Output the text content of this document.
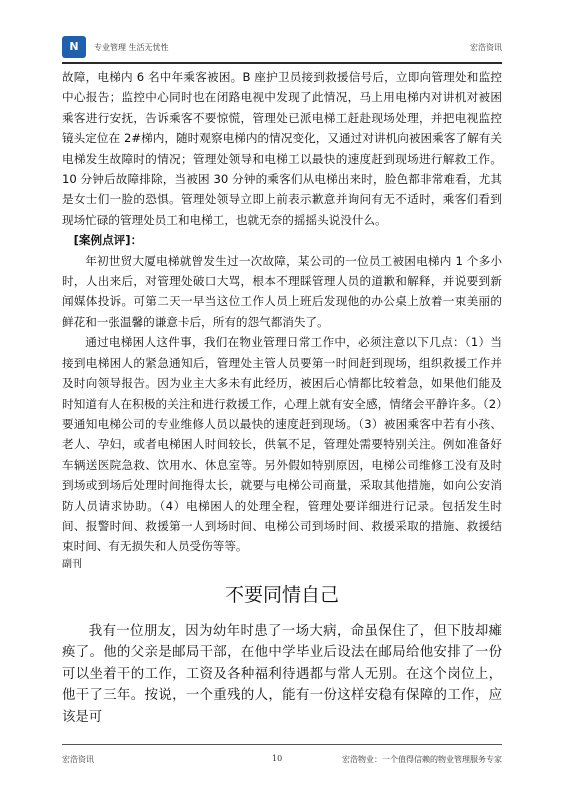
N	专业管理 生活无忧性	宏浩资讯

故障，电梯内 6 名中年乘客被困。B 座护卫员接到救援信号后，立即向管理处和监控中心报告；监控中心同时也在闭路电视中发现了此情况，马上用电梯内对讲机对被困乘客进行安抚，告诉乘客不要惊慌，管理处已派电梯工赶赴现场处理，并把电视监控镜头定位在 2#梯内，随时观察电梯内的情况变化，又通过对讲机向被困乘客了解有关电梯发生故障时的情况；管理处领导和电梯工以最快的速度赶到现场进行解救工作。10 分钟后故障排除，当被困 30 分钟的乘客们从电梯出来时，脸色都非常难看，尤其是女士们一脸的恐惧。管理处领导立即上前表示歉意并询问有无不适时，乘客们看到现场忙碌的管理处员工和电梯工，也就无奈的摇摇头说没什么。

[案例点评]：

年初世贸大厦电梯就曾发生过一次故障，某公司的一位员工被困电梯内 1 个多小时，人出来后，对管理处破口大骂，根本不理睬管理人员的道歉和解释，并说要到新闻媒体投诉。可第二天一早当这位工作人员上班后发现他的办公桌上放着一束美丽的鲜花和一张温馨的谦意卡后，所有的怨气都消失了。

通过电梯困人这件事，我们在物业管理日常工作中，必须注意以下几点：（1）当接到电梯困人的紧急通知后，管理处主管人员要第一时间赶到现场，组织救援工作并及时向领导报告。因为业主大多未有此经历，被困后心情都比较着急，如果他们能及时知道有人在积极的关注和进行救援工作，心理上就有安全感，情绪会平静许多。（2）要通知电梯公司的专业维修人员以最快的速度赶到现场。（3）被困乘客中若有小孩、老人、孕妇，或者电梯困人时间较长，供氧不足，管理处需要特别关注。例如准备好车辆送医院急救、饮用水、休息室等。另外假如特别原因，电梯公司维修工没有及时到场或到场后处理时间拖得太长，就要与电梯公司商量，采取其他措施，如向公安消防人员请求协助。（4）电梯困人的处理全程，管理处要详细进行记录。包括发生时间、报警时间、救援第一人到场时间、电梯公司到场时间、救援采取的措施、救援结束时间、有无损失和人员受伤等等。

副刊

不要同情自己

我有一位朋友，因为幼年时患了一场大病，命虽保住了，但下肢却瘫痪了。他的父亲是邮局干部，在他中学毕业后设法在邮局给他安排了一份可以坐着干的工作，工资及各种福利待遇都与常人无别。在这个岗位上，他干了三年。按说，一个重残的人，能有一份这样安稳有保障的工作，应该是可

宏浩资讯	10	宏浩物业：一个值得信赖的物业管理服务专家
